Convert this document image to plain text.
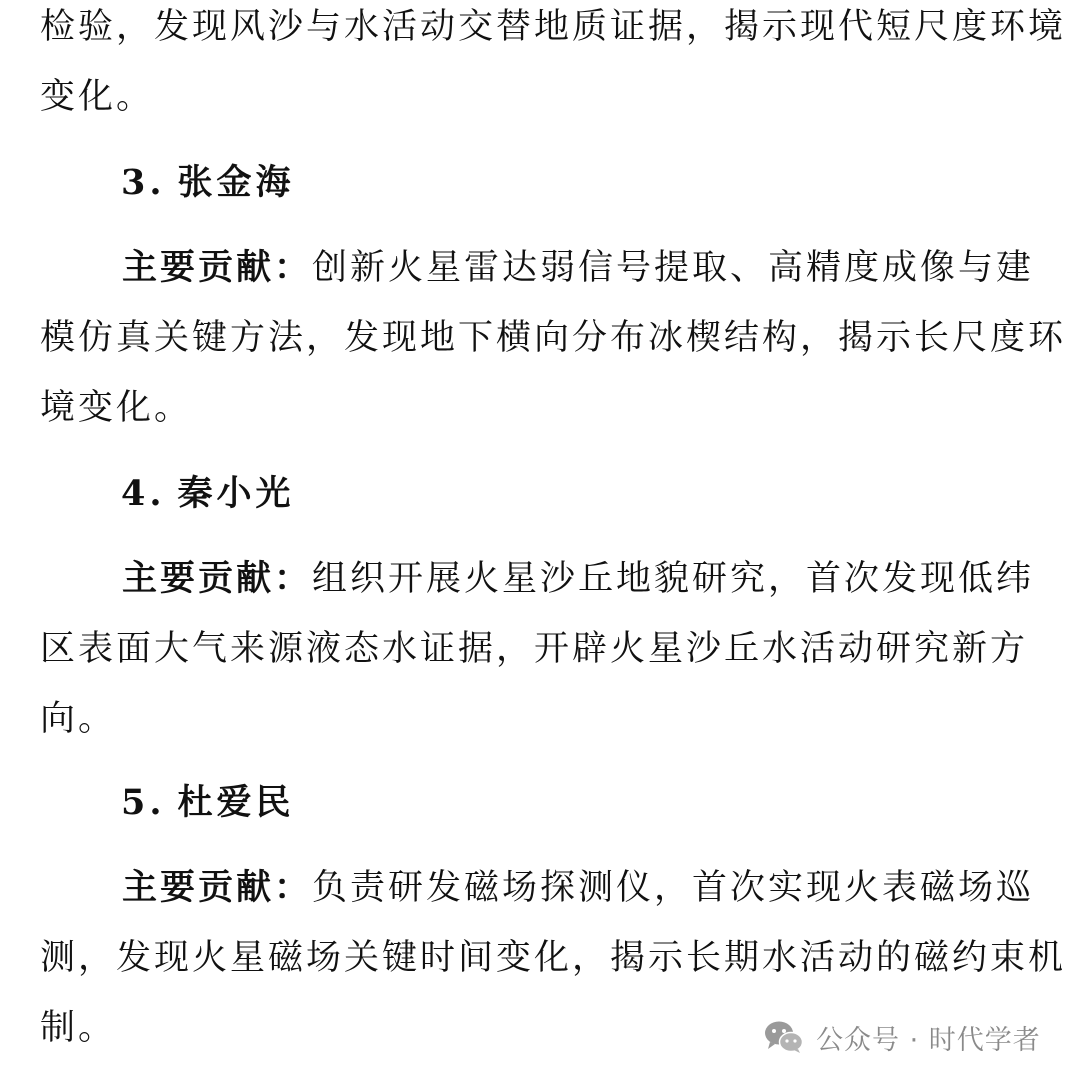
检验，发现风沙与水活动交替地质证据，揭示现代短尺度环境变化。

3. 张金海

主要贡献：创新火星雷达弱信号提取、高精度成像与建模仿真关键方法，发现地下横向分布冰楔结构，揭示长尺度环境变化。

4. 秦小光

主要贡献：组织开展火星沙丘地貌研究，首次发现低纬区表面大气来源液态水证据，开辟火星沙丘水活动研究新方向。

5. 杜爱民

主要贡献：负责研发磁场探测仪，首次实现火表磁场巡测，发现火星磁场关键时间变化，揭示长期水活动的磁约束机制。	公众号 · 时代学者
